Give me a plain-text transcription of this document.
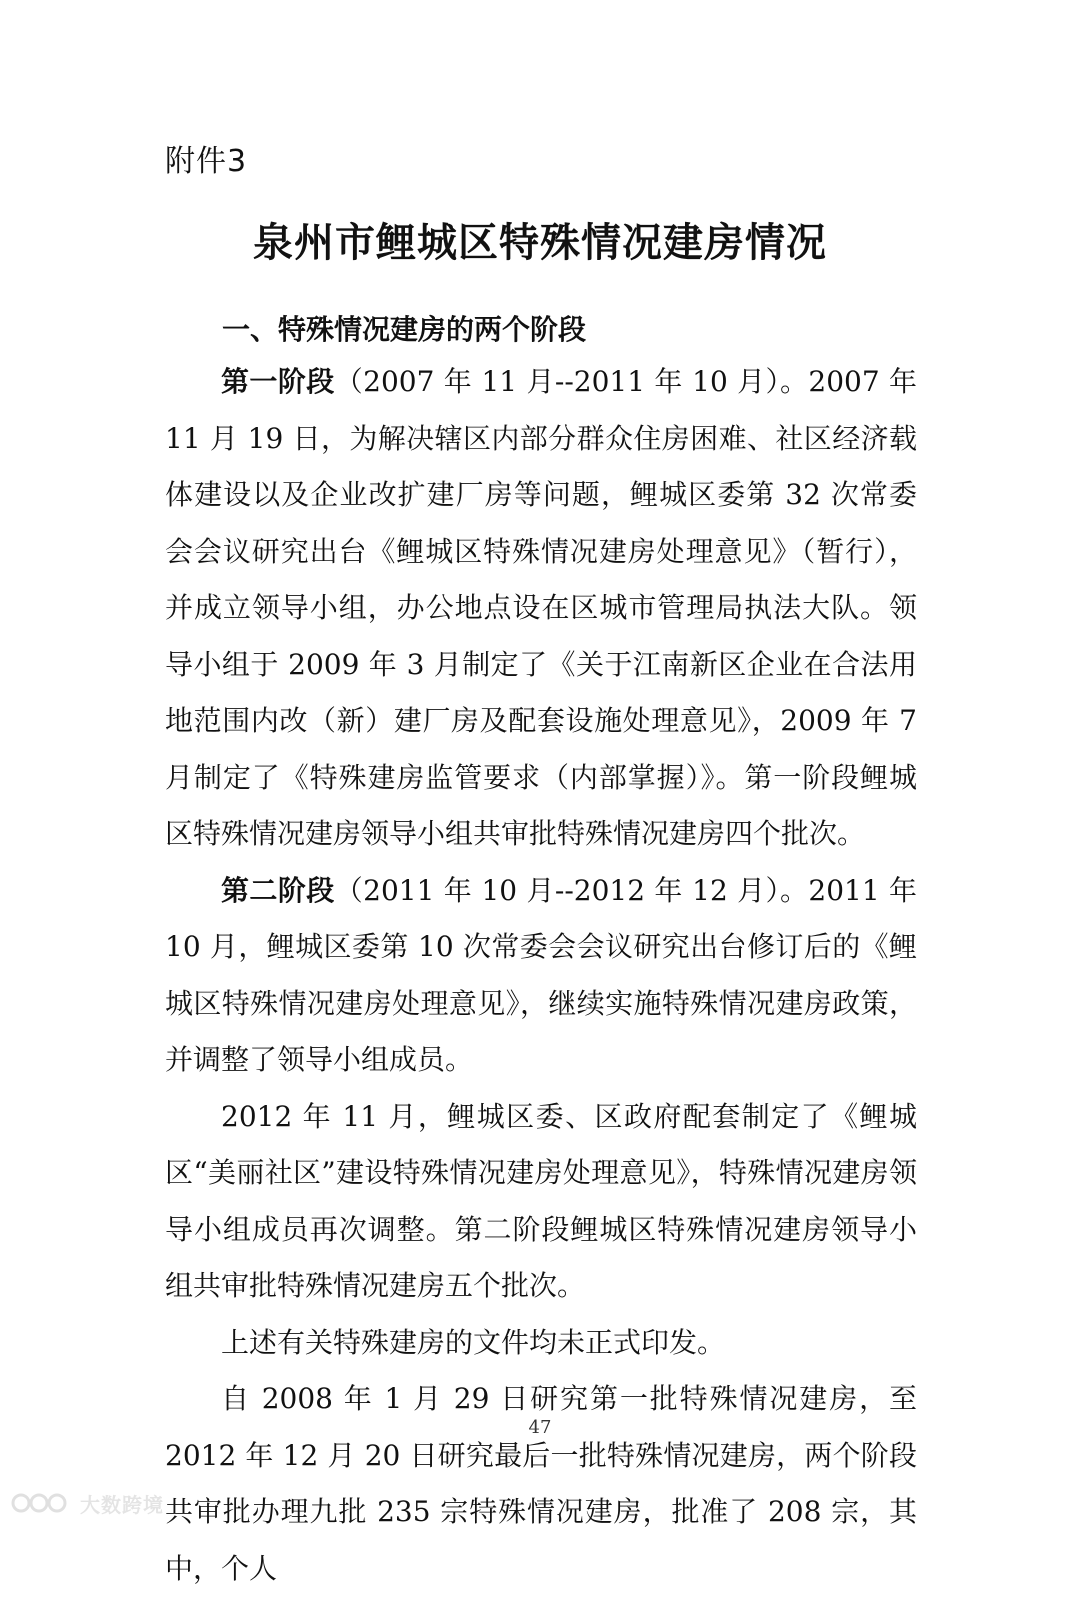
附件3
泉州市鲤城区特殊情况建房情况
一、特殊情况建房的两个阶段

第一阶段（2007 年 11 月--2011 年 10 月）。2007 年 11 月 19 日，为解决辖区内部分群众住房困难、社区经济载体建设以及企业改扩建厂房等问题，鲤城区委第 32 次常委会会议研究出台《鲤城区特殊情况建房处理意见》（暂行），并成立领导小组，办公地点设在区城市管理局执法大队。领导小组于 2009 年 3 月制定了《关于江南新区企业在合法用地范围内改（新）建厂房及配套设施处理意见》，2009 年 7 月制定了《特殊建房监管要求（内部掌握）》。第一阶段鲤城区特殊情况建房领导小组共审批特殊情况建房四个批次。

第二阶段（2011 年 10 月--2012 年 12 月）。2011 年 10 月，鲤城区委第 10 次常委会会议研究出台修订后的《鲤城区特殊情况建房处理意见》，继续实施特殊情况建房政策，并调整了领导小组成员。

2012 年 11 月，鲤城区委、区政府配套制定了《鲤城区“美丽社区”建设特殊情况建房处理意见》，特殊情况建房领导小组成员再次调整。第二阶段鲤城区特殊情况建房领导小组共审批特殊情况建房五个批次。

上述有关特殊建房的文件均未正式印发。

自 2008 年 1 月 29 日研究第一批特殊情况建房，至 2012 年 12 月 20 日研究最后一批特殊情况建房，两个阶段共审批办理九批 235 宗特殊情况建房，批准了 208 宗，其中，个人

47
大数跨境
